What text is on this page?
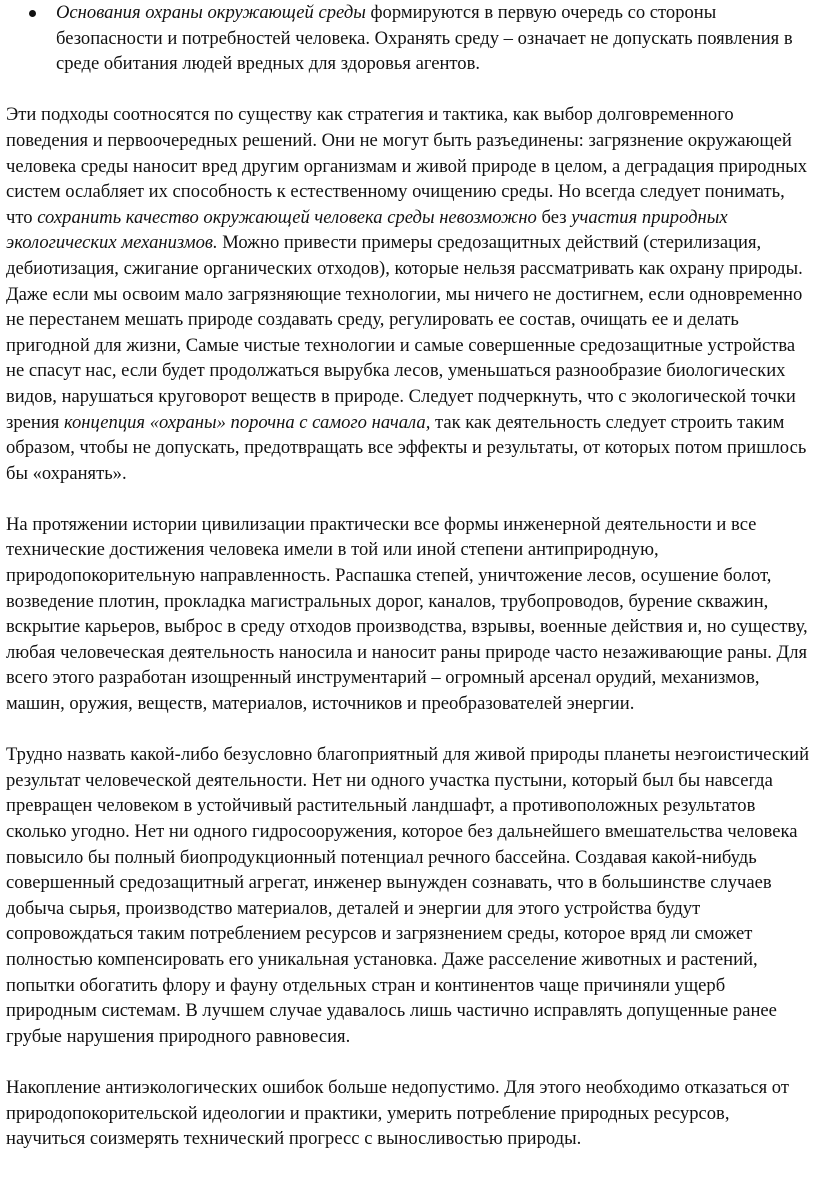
Основания охраны окружающей среды формируются в первую очередь со стороны безопасности и потребностей человека. Охранять среду – означает не допускать появления в среде обитания людей вредных для здоровья агентов.

Эти подходы соотносятся по существу как стратегия и тактика, как выбор долговременного поведения и первоочередных решений. Они не могут быть разъединены: загрязнение окружающей человека среды наносит вред другим организмам и живой природе в целом, а деградация природных систем ослабляет их способность к естественному очищению среды. Но всегда следует понимать, что сохранить качество окружающей человека среды невозможно без участия природных экологических механизмов. Можно привести примеры средозащитных действий (стерилизация, дебиотизация, сжигание органических отходов), которые нельзя рассматривать как охрану природы. Даже если мы освоим мало загрязняющие технологии, мы ничего не достигнем, если одновременно не перестанем мешать природе создавать среду, регулировать ее состав, очищать ее и делать пригодной для жизни, Самые чистые технологии и самые совершенные средозащитные устройства не спасут нас, если будет продолжаться вырубка лесов, уменьшаться разнообразие биологических видов, нарушаться круговорот веществ в природе. Следует подчеркнуть, что с экологической точки зрения концепция «охраны» порочна с самого начала, так как деятельность следует строить таким образом, чтобы не допускать, предотвращать все эффекты и результаты, от которых потом пришлось бы «охранять».

На протяжении истории цивилизации практически все формы инженерной деятельности и все технические достижения человека имели в той или иной степени антиприродную, природопокорительную направленность. Распашка степей, уничтожение лесов, осушение болот, возведение плотин, прокладка магистральных дорог, каналов, трубопроводов, бурение скважин, вскрытие карьеров, выброс в среду отходов производства, взрывы, военные действия и, но существу, любая человеческая деятельность наносила и наносит раны природе часто незаживающие раны. Для всего этого разработан изощренный инструментарий – огромный арсенал орудий, механизмов, машин, оружия, веществ, материалов, источников и преобразователей энергии.

Трудно назвать какой-либо безусловно благоприятный для живой природы планеты неэгоистический результат человеческой деятельности. Нет ни одного участка пустыни, который был бы навсегда превращен человеком в устойчивый растительный ландшафт, а противоположных результатов сколько угодно. Нет ни одного гидросооружения, которое без дальнейшего вмешательства человека повысило бы полный биопродукционный потенциал речного бассейна. Создавая какой-нибудь совершенный средозащитный агрегат, инженер вынужден сознавать, что в большинстве случаев добыча сырья, производство материалов, деталей и энергии для этого устройства будут сопровождаться таким потреблением ресурсов и загрязнением среды, которое вряд ли сможет полностью компенсировать его уникальная установка. Даже расселение животных и растений, попытки обогатить флору и фауну отдельных стран и континентов чаще причиняли ущерб природным системам. В лучшем случае удавалось лишь частично исправлять допущенные ранее грубые нарушения природного равновесия.

Накопление антиэкологических ошибок больше недопустимо. Для этого необходимо отказаться от природопокорительской идеологии и практики, умерить потребление природных ресурсов, научиться соизмерять технический прогресс с выносливостью природы.
